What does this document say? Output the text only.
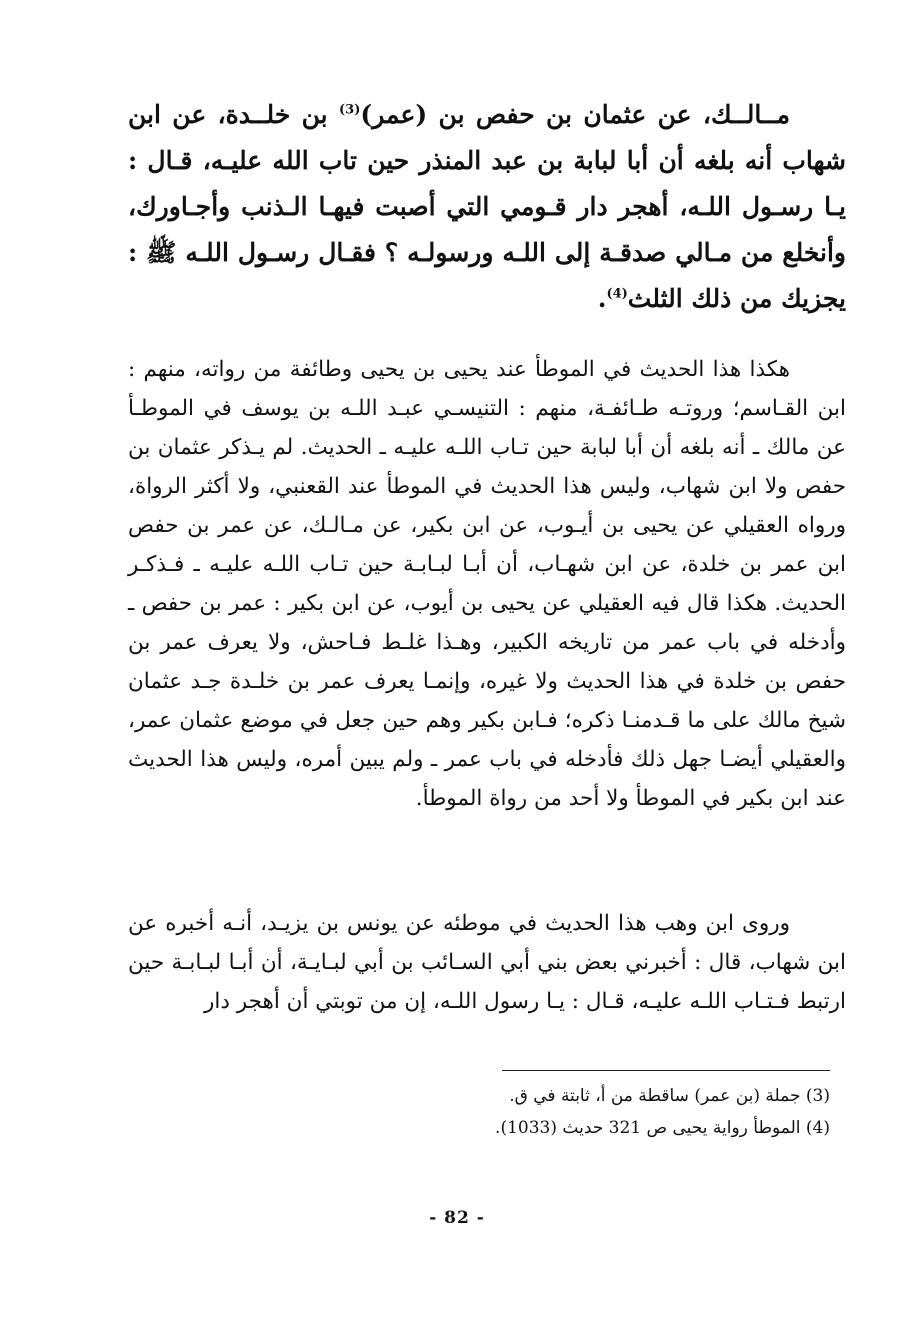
مــالــك، عن عثمان بن حفص بن (عمر)$^{(3)}$ بن خلــدة، عن ابن شهاب أنه بلغه أن أبا لبابة بن عبد المنذر حين تاب الله عليـه، قـال : يـا رسـول اللـه، أهجر دار قـومي التي أصبت فيهـا الـذنب وأجـاورك، وأنخلع من مـالي صدقـة إلى اللـه ورسولـه ؟ فقـال رسـول اللـه ﷺ : يجزيك من ذلك الثلث$^{(4)}$.
هكذا هذا الحديث في الموطأ عند يحيى بن يحيى وطائفة من رواته، منهم : ابن القـاسم؛ وروتـه طـائفـة، منهم : التنيسـي عبـد اللـه بن يوسف في الموطـأ عن مالك ـ أنه بلغه أن أبا لبابة حين تـاب اللـه عليـه ـ الحديث. لم يـذكر عثمان بن حفص ولا ابن شهاب، وليس هذا الحديث في الموطأ عند القعنبي، ولا أكثر الرواة، ورواه العقيلي عن يحيى بن أيـوب، عن ابن بكير، عن مـالـك، عن عمر بن حفص ابن عمر بن خلدة، عن ابن شهـاب، أن أبـا لبـابـة حين تـاب اللـه عليـه ـ فـذكـر الحديث. هكذا قال فيه العقيلي عن يحيى بن أيوب، عن ابن بكير : عمر بن حفص ـ وأدخله في باب عمر من تاريخه الكبير، وهـذا غلـط فـاحش، ولا يعرف عمر بن حفص بن خلدة في هذا الحديث ولا غيره، وإنمـا يعرف عمر بن خلـدة جـد عثمان شيخ مالك على ما قـدمنـا ذكره؛ فـابن بكير وهم حين جعل في موضع عثمان عمر، والعقيلي أيضـا جهل ذلك فأدخله في باب عمر ـ ولم يبين أمره، وليس هذا الحديث عند ابن بكير في الموطأ ولا أحد من رواة الموطأ.
وروى ابن وهب هذا الحديث في موطئه عن يونس بن يزيـد، أنـه أخبره عن ابن شهاب، قال : أخبرني بعض بني أبي السـائب بن أبي لبـايـة، أن أبـا لبـابـة حين ارتبط فـتـاب اللـه عليـه، قـال : يـا رسول اللـه، إن من توبتي أن أهجر دار
(3) جملة (بن عمر) ساقطة من أ، ثابتة في ق.
(4) الموطأ رواية يحيى ص 321 حديث (1033).
- 82 -
